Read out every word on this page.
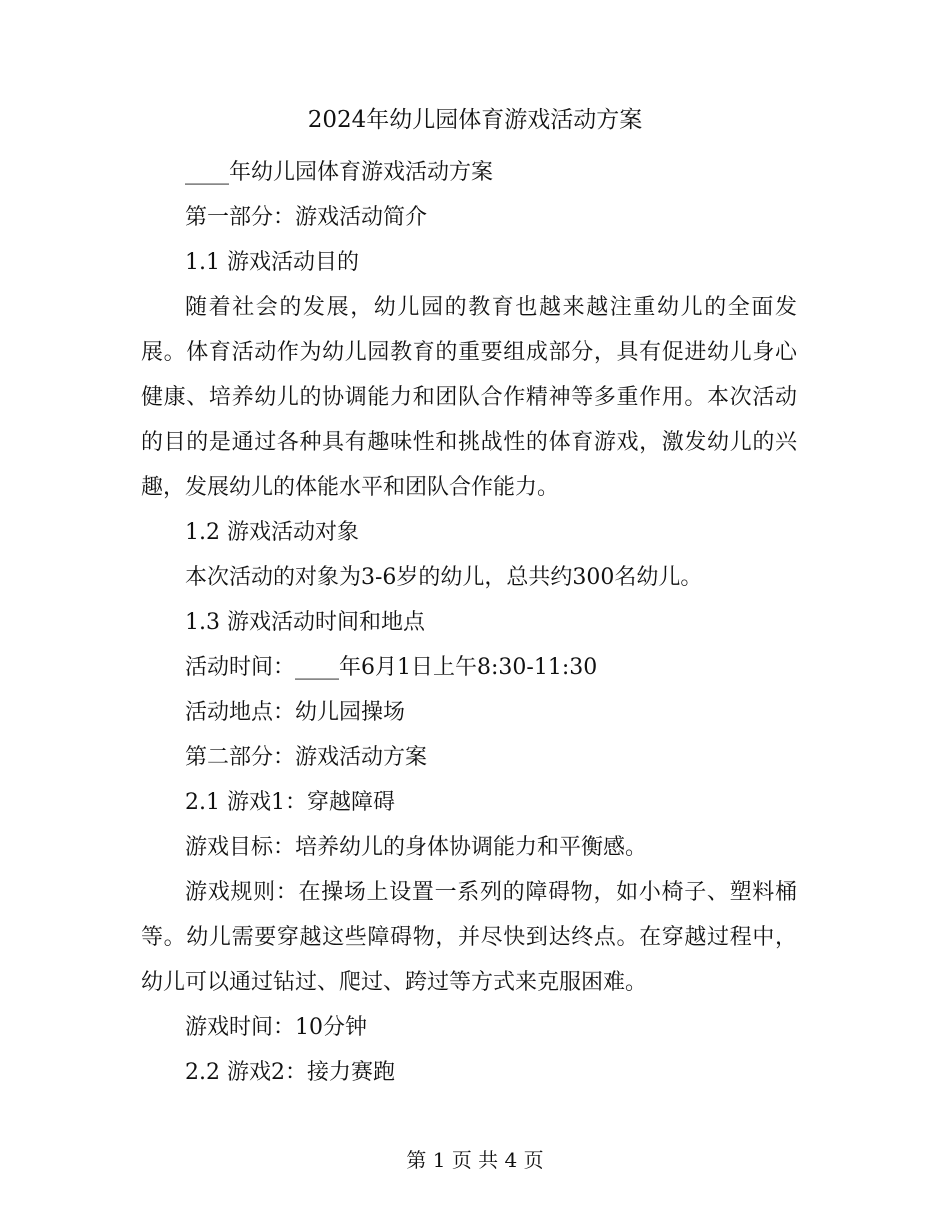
2024年幼儿园体育游戏活动方案

____年幼儿园体育游戏活动方案

第一部分：游戏活动简介

1.1 游戏活动目的

随着社会的发展，幼儿园的教育也越来越注重幼儿的全面发展。体育活动作为幼儿园教育的重要组成部分，具有促进幼儿身心健康、培养幼儿的协调能力和团队合作精神等多重作用。本次活动的目的是通过各种具有趣味性和挑战性的体育游戏，激发幼儿的兴趣，发展幼儿的体能水平和团队合作能力。

1.2 游戏活动对象

本次活动的对象为3-6岁的幼儿，总共约300名幼儿。

1.3 游戏活动时间和地点

活动时间：____年6月1日上午8:30-11:30

活动地点：幼儿园操场

第二部分：游戏活动方案

2.1 游戏1：穿越障碍

游戏目标：培养幼儿的身体协调能力和平衡感。

游戏规则：在操场上设置一系列的障碍物，如小椅子、塑料桶等。幼儿需要穿越这些障碍物，并尽快到达终点。在穿越过程中，幼儿可以通过钻过、爬过、跨过等方式来克服困难。

游戏时间：10分钟

2.2 游戏2：接力赛跑

第 1 页 共 4 页
